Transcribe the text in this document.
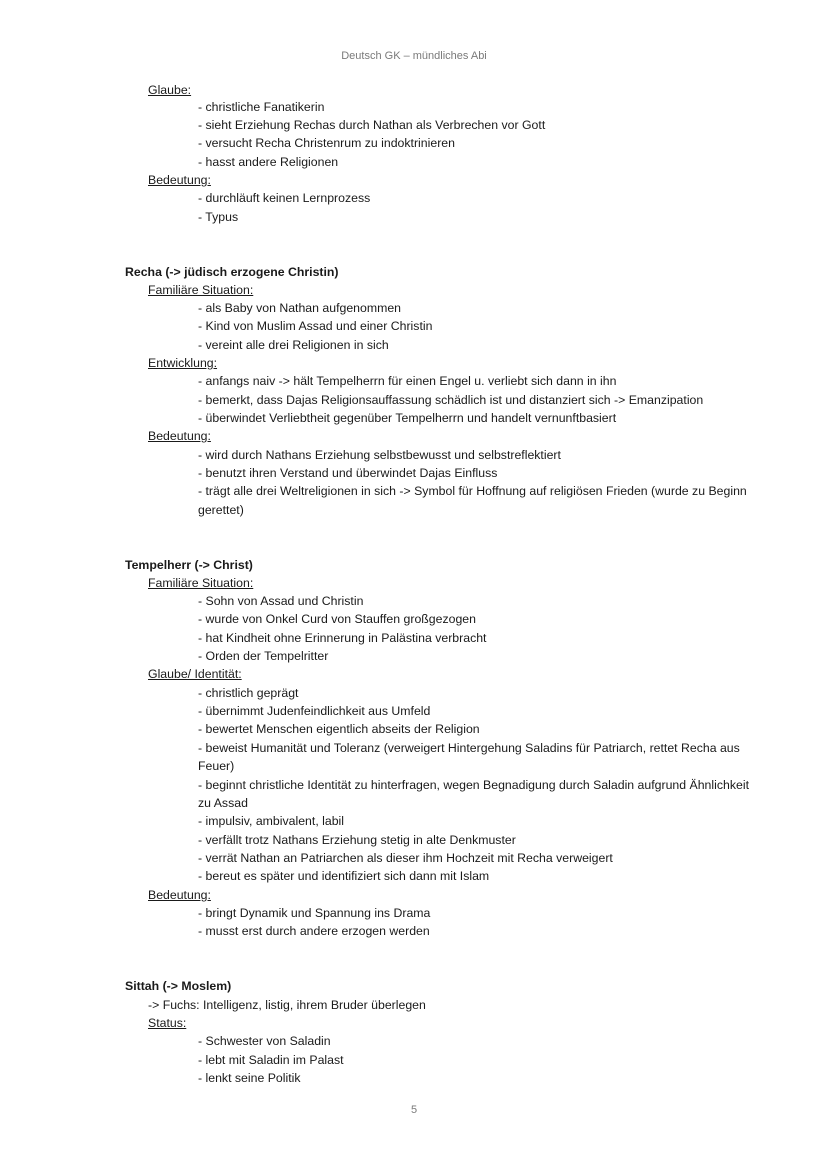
Deutsch GK – mündliches Abi
Glaube:
- christliche Fanatikerin
- sieht Erziehung Rechas durch Nathan als Verbrechen vor Gott
- versucht Recha Christenrum zu indoktrinieren
- hasst andere Religionen
Bedeutung:
- durchläuft keinen Lernprozess
- Typus
Recha (-> jüdisch erzogene Christin)
Familiäre Situation:
- als Baby von Nathan aufgenommen
- Kind von Muslim Assad und einer Christin
- vereint alle drei Religionen in sich
Entwicklung:
- anfangs naiv -> hält Tempelherrn für einen Engel u. verliebt sich dann in ihn
- bemerkt, dass Dajas Religionsauffassung schädlich ist und distanziert sich -> Emanzipation
- überwindet Verliebtheit gegenüber Tempelherrn und handelt vernunftbasiert
Bedeutung:
- wird durch Nathans Erziehung selbstbewusst und selbstreflektiert
- benutzt ihren Verstand und überwindet Dajas Einfluss
- trägt alle drei Weltreligionen in sich -> Symbol für Hoffnung auf religiösen Frieden (wurde zu Beginn
gerettet)
Tempelherr (-> Christ)
Familiäre Situation:
- Sohn von Assad und Christin
- wurde von Onkel Curd von Stauffen großgezogen
- hat Kindheit ohne Erinnerung in Palästina verbracht
- Orden der Tempelritter
Glaube/ Identität:
- christlich geprägt
- übernimmt Judenfeindlichkeit aus Umfeld
- bewertet Menschen eigentlich abseits der Religion
- beweist Humanität und Toleranz (verweigert Hintergehung Saladins für Patriarch, rettet Recha aus
Feuer)
- beginnt christliche Identität zu hinterfragen, wegen Begnadigung durch Saladin aufgrund Ähnlichkeit
zu Assad
- impulsiv, ambivalent, labil
- verfällt trotz Nathans Erziehung stetig in alte Denkmuster
- verrät Nathan an Patriarchen als dieser ihm Hochzeit mit Recha verweigert
- bereut es später und identifiziert sich dann mit Islam
Bedeutung:
- bringt Dynamik und Spannung ins Drama
- musst erst durch andere erzogen werden
Sittah (-> Moslem)
-> Fuchs: Intelligenz, listig, ihrem Bruder überlegen
Status:
- Schwester von Saladin
- lebt mit Saladin im Palast
- lenkt seine Politik
5
